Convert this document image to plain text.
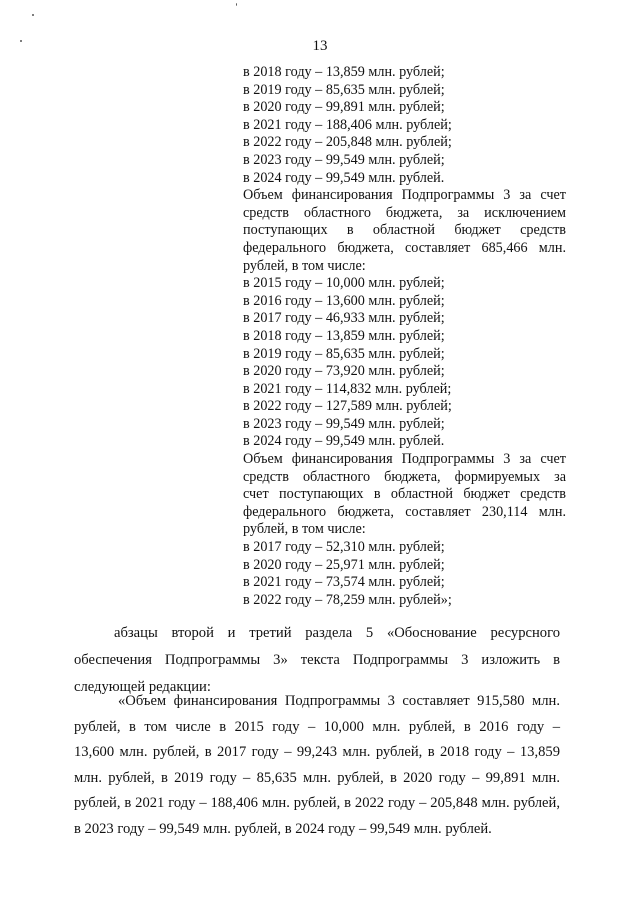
13
в 2018 году – 13,859 млн. рублей;
в 2019 году – 85,635 млн. рублей;
в 2020 году – 99,891 млн. рублей;
в 2021 году – 188,406 млн. рублей;
в 2022 году – 205,848 млн. рублей;
в 2023 году – 99,549 млн. рублей;
в 2024 году – 99,549 млн. рублей.
Объем финансирования Подпрограммы 3 за счет
средств областного бюджета, за исключением
поступающих в областной бюджет средств
федерального бюджета, составляет 685,466 млн.
рублей, в том числе:
в 2015 году – 10,000 млн. рублей;
в 2016 году – 13,600 млн. рублей;
в 2017 году – 46,933 млн. рублей;
в 2018 году – 13,859 млн. рублей;
в 2019 году – 85,635 млн. рублей;
в 2020 году – 73,920 млн. рублей;
в 2021 году – 114,832 млн. рублей;
в 2022 году – 127,589 млн. рублей;
в 2023 году – 99,549 млн. рублей;
в 2024 году – 99,549 млн. рублей.
Объем финансирования Подпрограммы 3 за счет
средств областного бюджета, формируемых за
счет поступающих в областной бюджет средств
федерального бюджета, составляет 230,114 млн.
рублей, в том числе:
в 2017 году – 52,310 млн. рублей;
в 2020 году – 25,971 млн. рублей;
в 2021 году – 73,574 млн. рублей;
в 2022 году – 78,259 млн. рублей»;
абзацы второй и третий раздела 5 «Обоснование ресурсного
обеспечения Подпрограммы 3» текста Подпрограммы 3 изложить в
следующей редакции:
«Объем финансирования Подпрограммы 3 составляет 915,580 млн.
рублей, в том числе в 2015 году – 10,000 млн. рублей, в 2016 году –
13,600 млн. рублей, в 2017 году – 99,243 млн. рублей, в 2018 году – 13,859
млн. рублей, в 2019 году – 85,635 млн. рублей, в 2020 году – 99,891 млн.
рублей, в 2021 году – 188,406 млн. рублей, в 2022 году – 205,848 млн. рублей,
в 2023 году – 99,549 млн. рублей, в 2024 году – 99,549 млн. рублей.
